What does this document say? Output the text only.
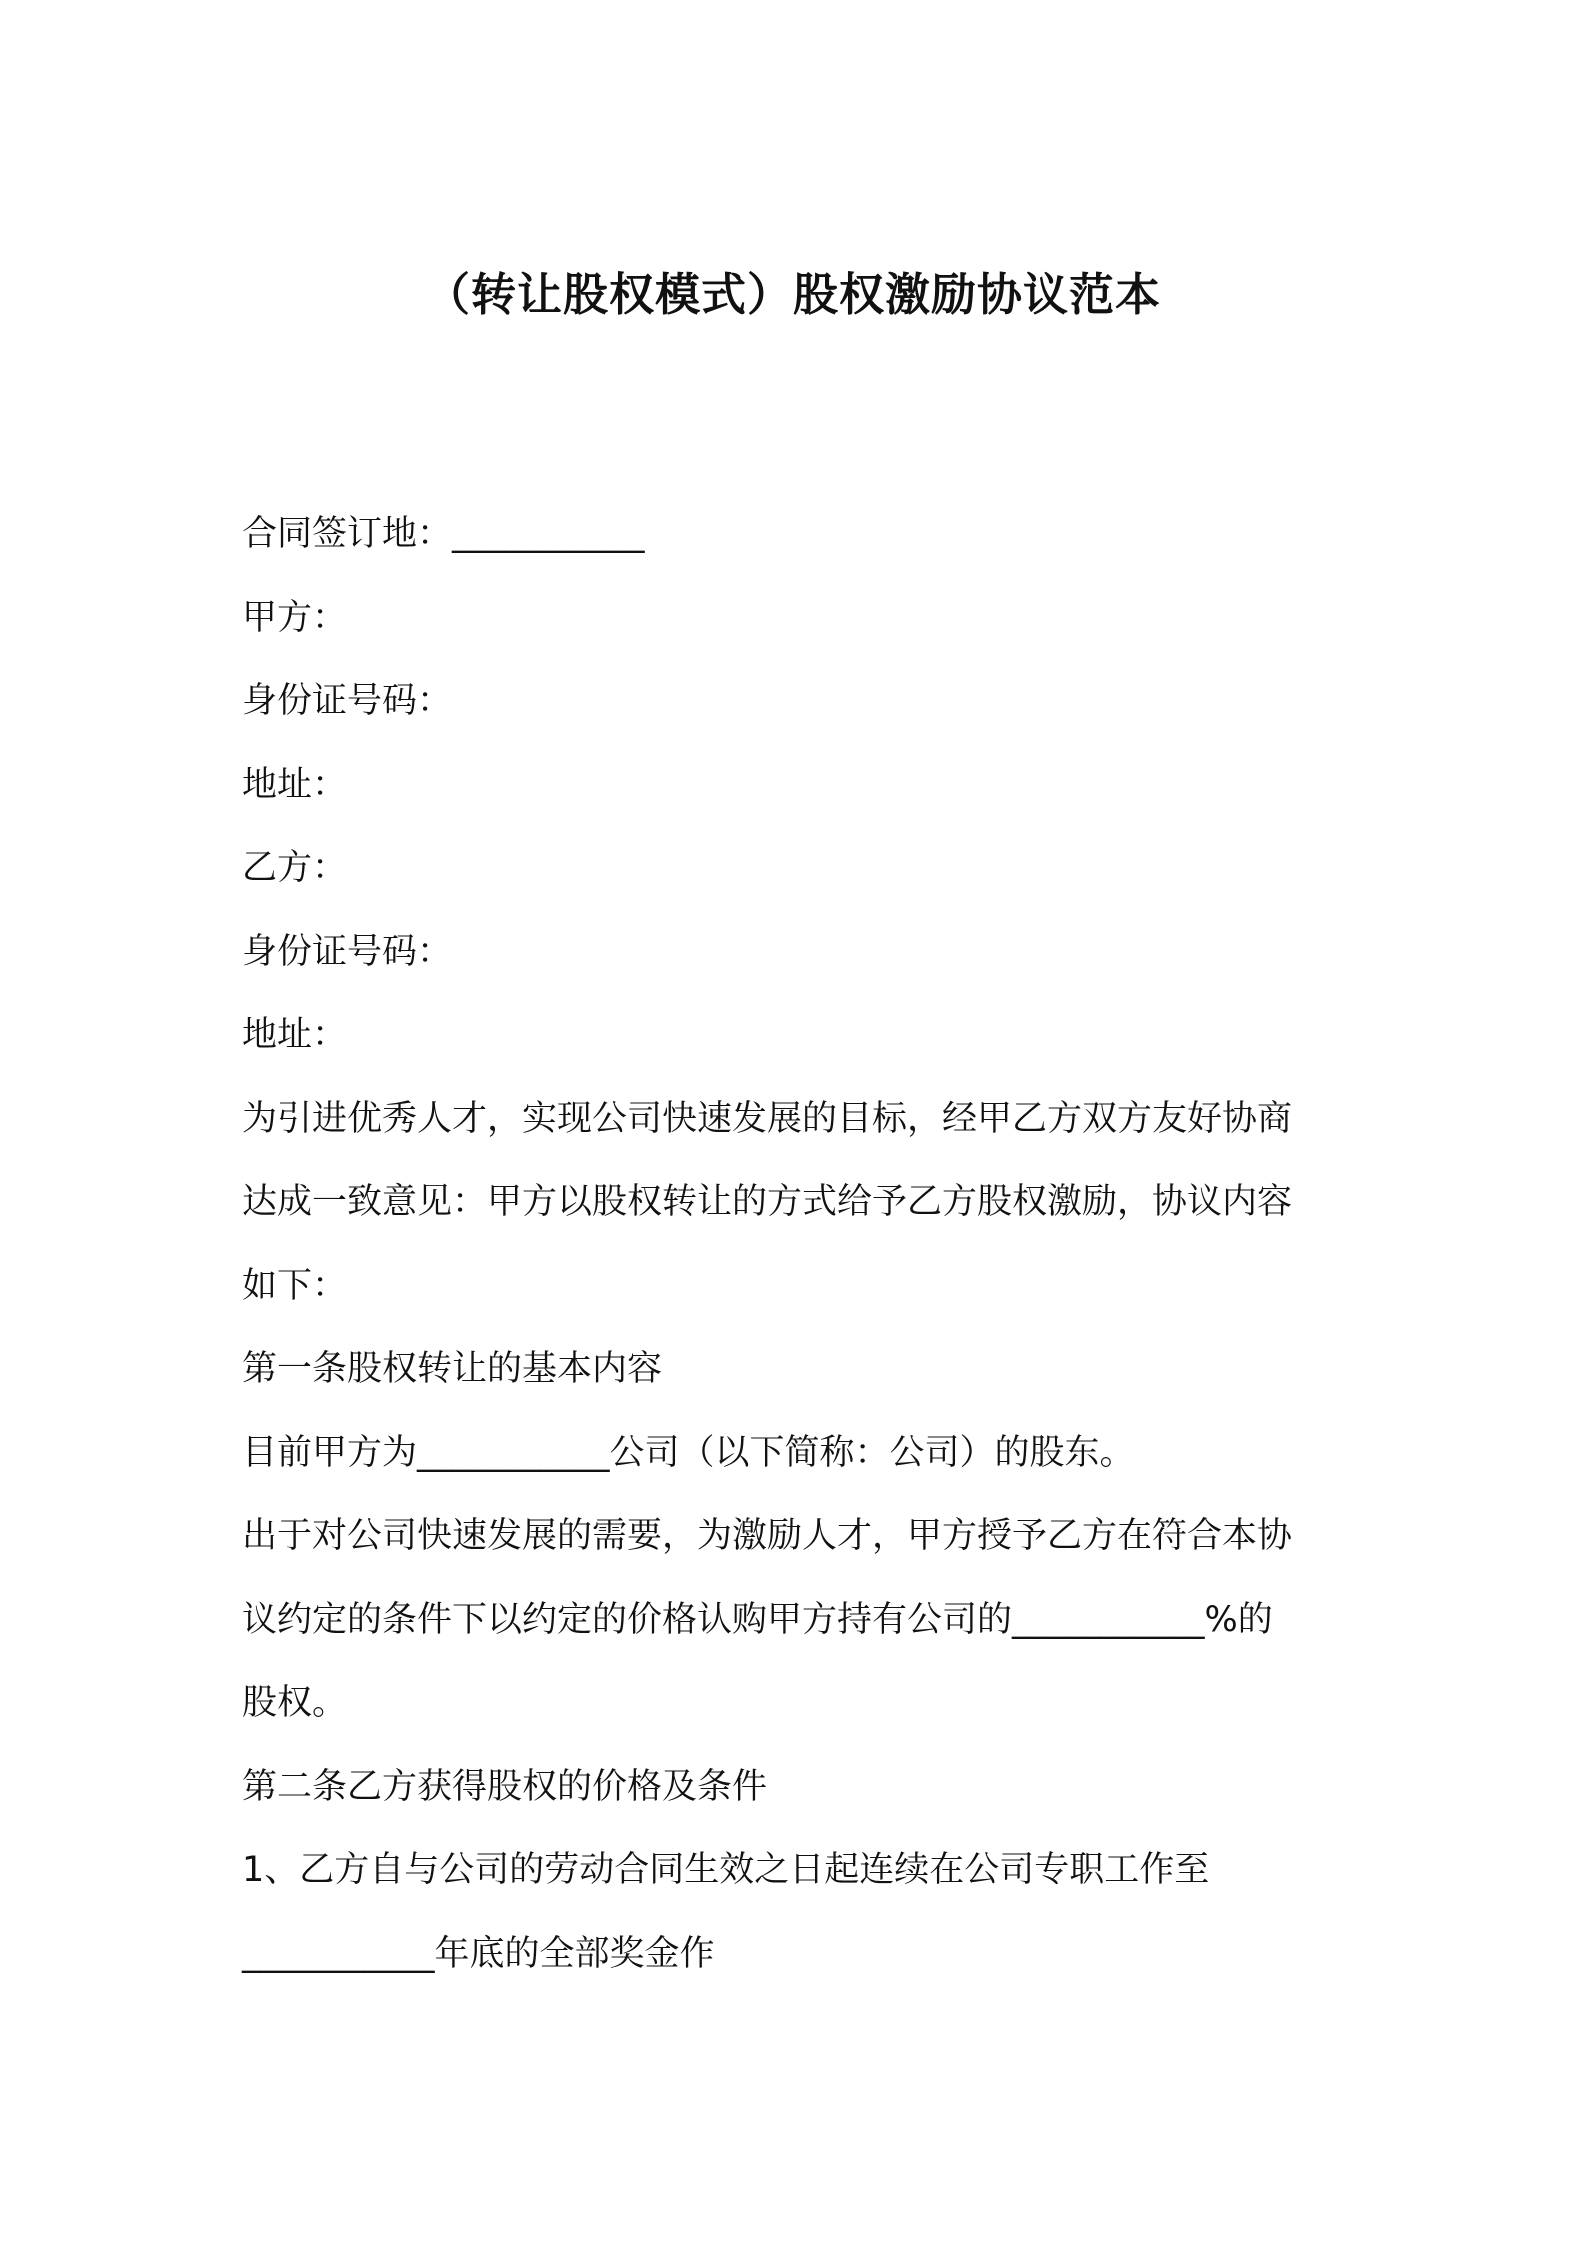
（转让股权模式）股权激励协议范本
合同签订地：___________
甲方：
身份证号码：
地址：
乙方：
身份证号码：
地址：
为引进优秀人才，实现公司快速发展的目标，经甲乙方双方友好协商
达成一致意见：甲方以股权转让的方式给予乙方股权激励，协议内容
如下：
第一条股权转让的基本内容
目前甲方为___________公司（以下简称：公司）的股东。
出于对公司快速发展的需要，为激励人才，甲方授予乙方在符合本协
议约定的条件下以约定的价格认购甲方持有公司的___________%的
股权。
第二条乙方获得股权的价格及条件
1、乙方自与公司的劳动合同生效之日起连续在公司专职工作至
___________年底的全部奖金作
